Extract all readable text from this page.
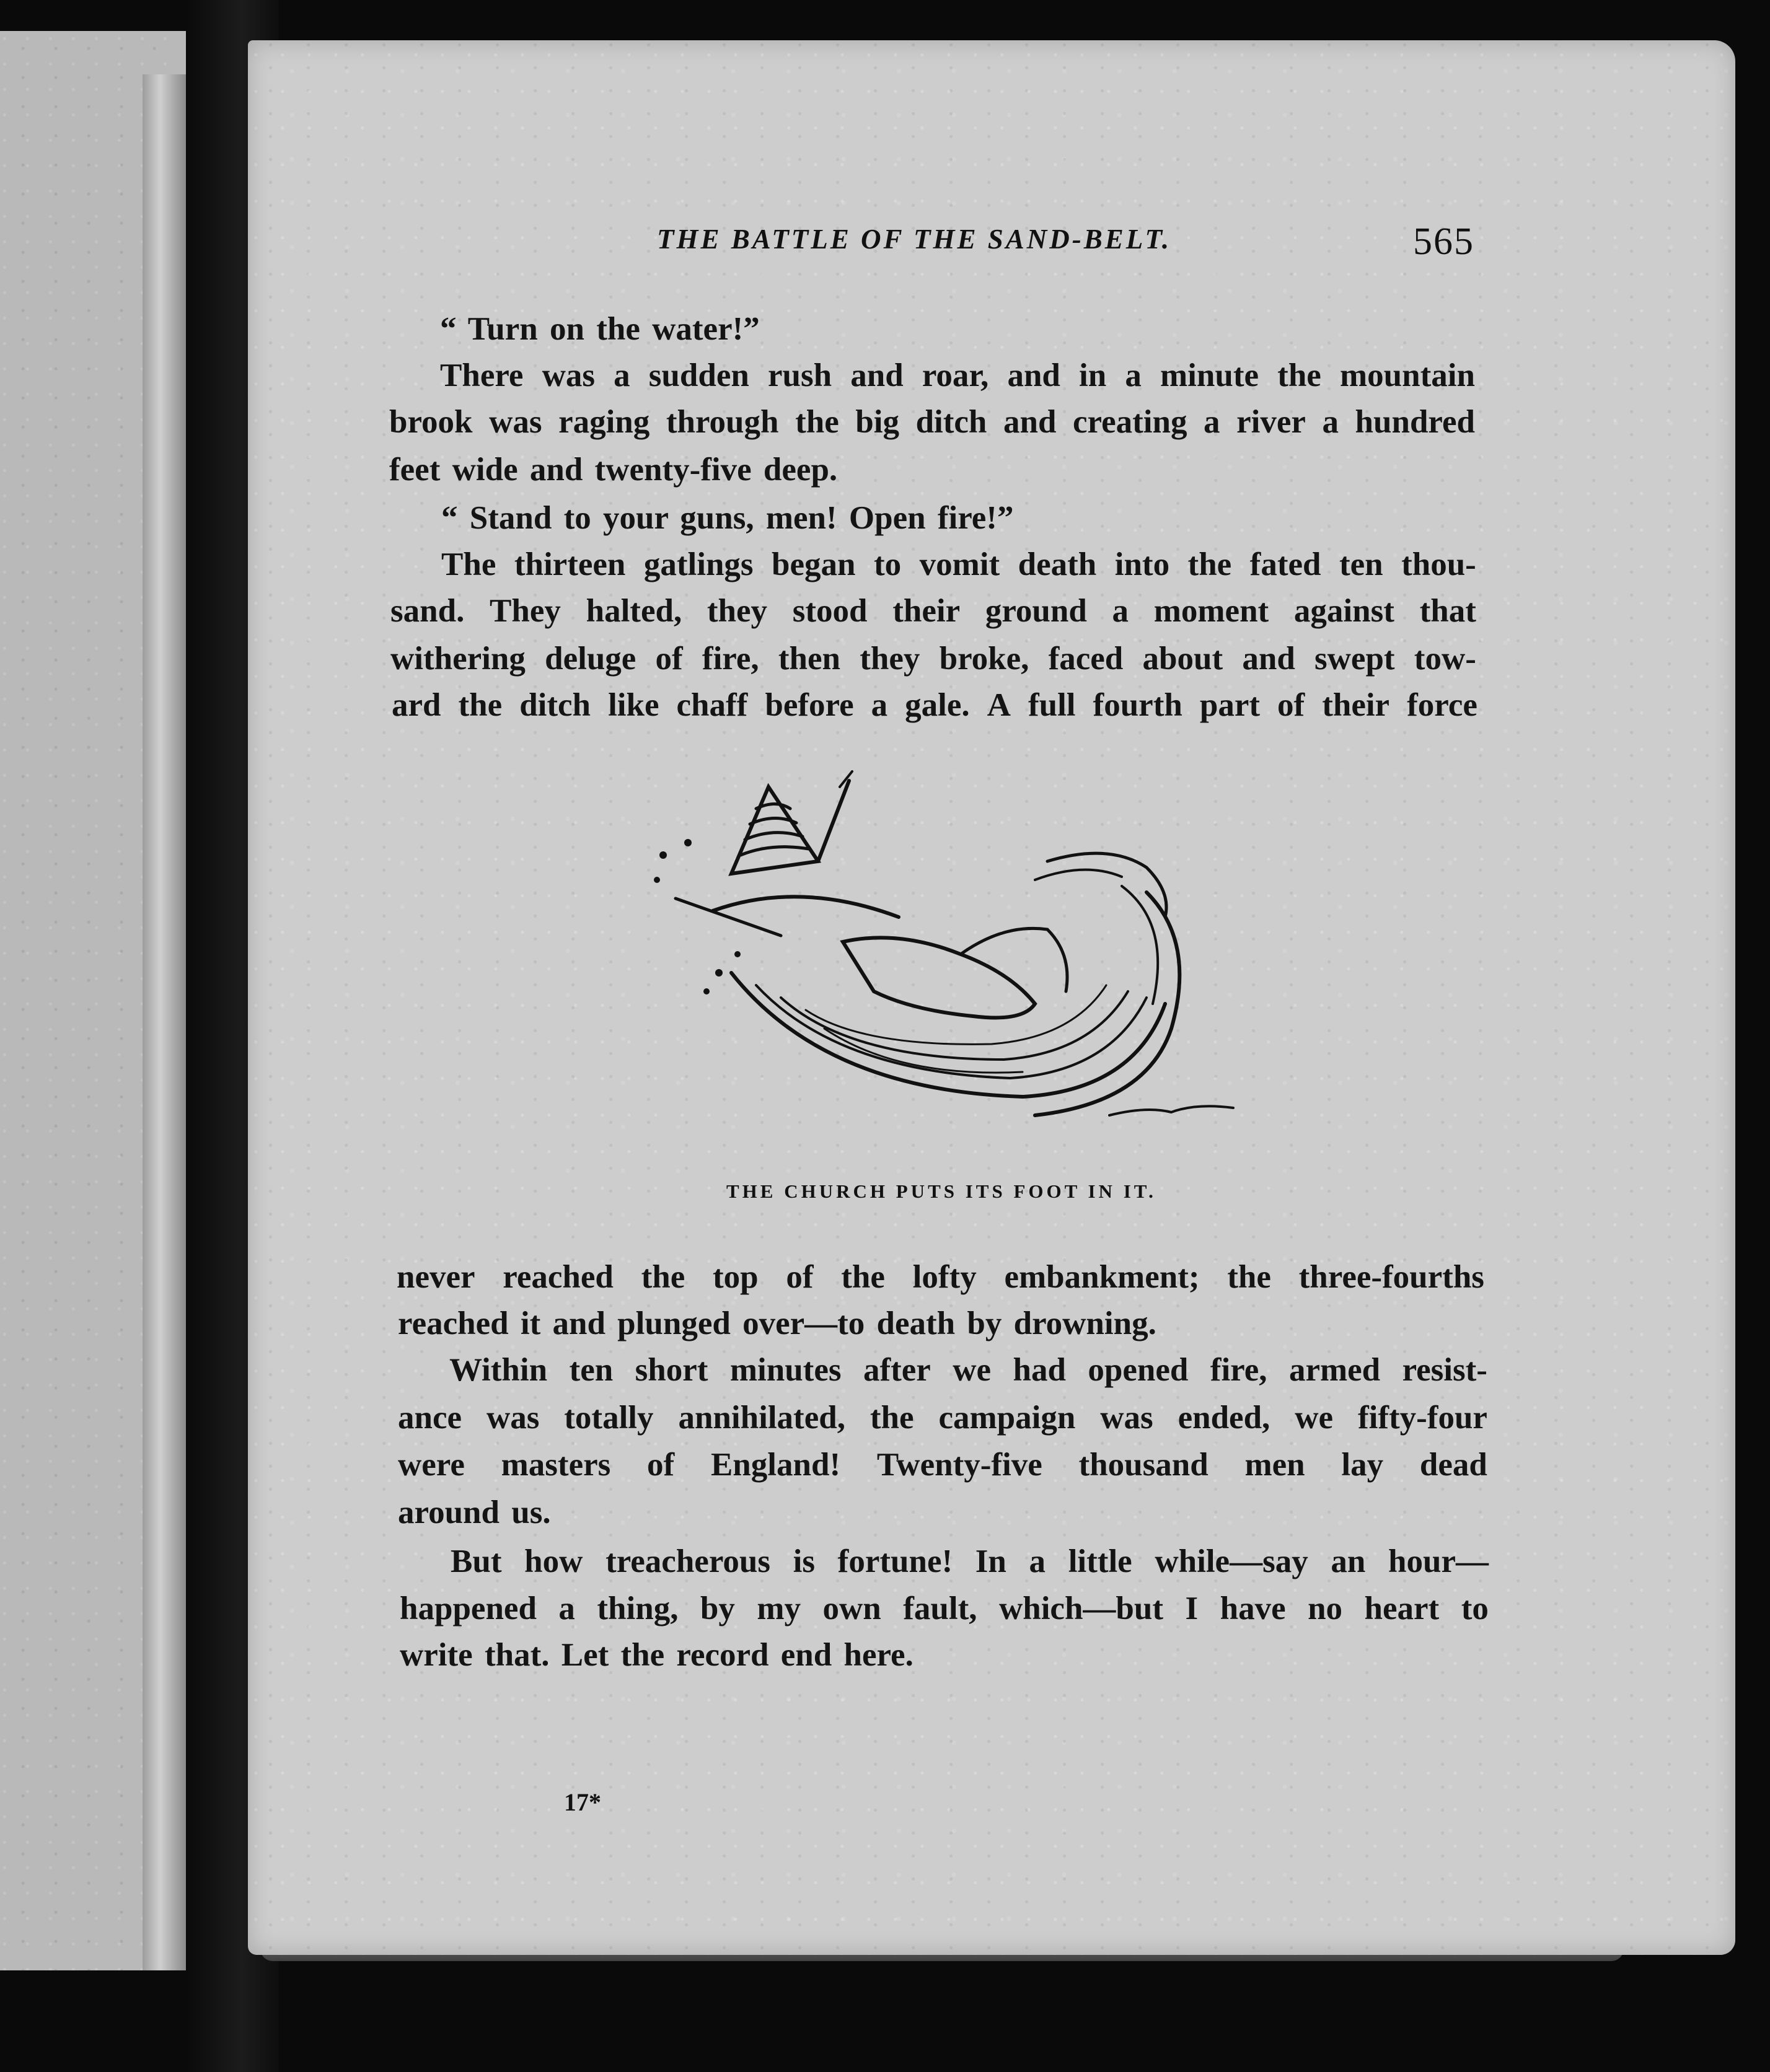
THE BATTLE OF THE SAND-BELT.	565
“ Turn on the water!”
There was a sudden rush and roar, and in a minute the mountain
brook was raging through the big ditch and creating a river a hundred
feet wide and twenty-five deep.
“ Stand to your guns, men! Open fire!”
The thirteen gatlings began to vomit death into the fated ten thou-
sand. They halted, they stood their ground a moment against that
withering deluge of fire, then they broke, faced about and swept tow-
ard the ditch like chaff before a gale. A full fourth part of their force
THE CHURCH PUTS ITS FOOT IN IT.
never reached the top of the lofty embankment; the three-fourths
reached it and plunged over—to death by drowning.
Within ten short minutes after we had opened fire, armed resist-
ance was totally annihilated, the campaign was ended, we fifty-four
were masters of England! Twenty-five thousand men lay dead
around us.
But how treacherous is fortune! In a little while—say an hour—
happened a thing, by my own fault, which—but I have no heart to
write that. Let the record end here.
17*
